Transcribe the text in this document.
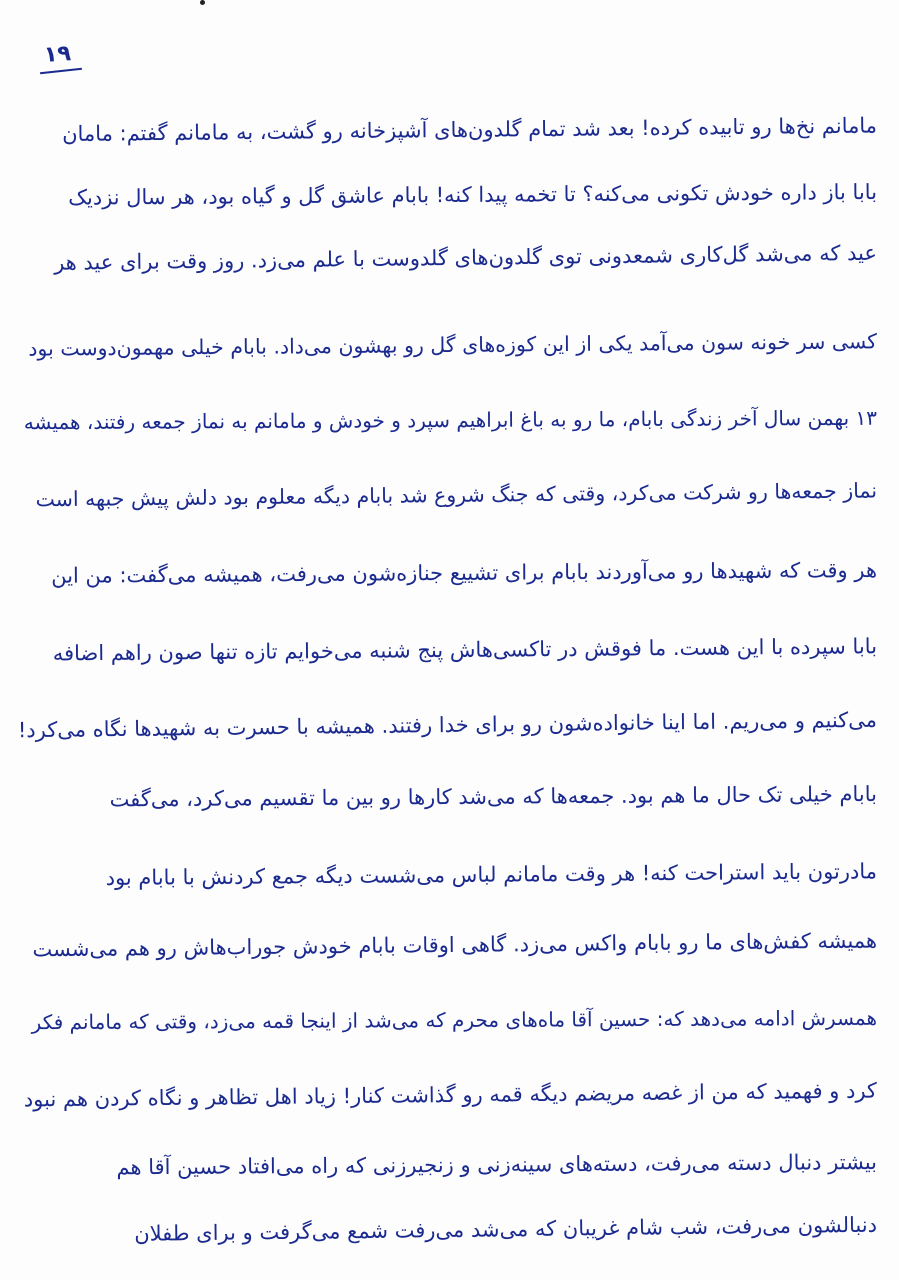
۱۹
مامانم نخ‌ها رو تابیده کرده! بعد شد تمام گلدون‌های آشپزخانه رو گشت، به مامانم گفتم: مامان
بابا باز داره خودش تکونی می‌کنه؟ تا تخمه پیدا کنه! بابام عاشق گل و گیاه بود، هر سال نزدیک
عید که می‌شد گل‌کاری شمعدونی توی گلدون‌های گلدوست با علم می‌زد. روز وقت برای عید هر
کسی سر خونه سون می‌آمد یکی از این کوزه‌های گل رو بهشون می‌داد. بابام خیلی مهمون‌دوست بود
۱۳ بهمن سال آخر زندگی بابام، ما رو به باغ ابراهیم سپرد و خودش و مامانم به نماز جمعه رفتند، همیشه
نماز جمعه‌ها رو شرکت می‌کرد، وقتی که جنگ شروع شد بابام دیگه معلوم بود دلش پیش جبهه است
هر وقت که شهیدها رو می‌آوردند بابام برای تشییع جنازه‌شون می‌رفت، همیشه می‌گفت: من این
بابا سپرده با این هست. ما فوقش در تاکسی‌هاش پنج شنبه می‌خوایم تازه تنها صون راهم اضافه
می‌کنیم و می‌ریم. اما اینا خانواده‌شون رو برای خدا رفتند. همیشه با حسرت به شهیدها نگاه می‌کرد!
بابام خیلی تک حال ما هم بود. جمعه‌ها که می‌شد کارها رو بین ما تقسیم می‌کرد، می‌گفت
مادرتون باید استراحت کنه! هر وقت مامانم لباس می‌شست دیگه جمع کردنش با بابام بود
همیشه کفش‌های ما رو بابام واکس می‌زد. گاهی اوقات بابام خودش جوراب‌هاش رو هم می‌شست
همسرش ادامه می‌دهد که: حسین آقا ماه‌های محرم که می‌شد از اینجا قمه می‌زد، وقتی که مامانم فکر
کرد و فهمید که من از غصه مریضم دیگه قمه رو گذاشت کنار! زیاد اهل تظاهر و نگاه کردن هم نبود
بیشتر دنبال دسته می‌رفت، دسته‌های سینه‌زنی و زنجیرزنی که راه می‌افتاد حسین آقا هم
دنبالشون می‌رفت، شب شام غریبان که می‌شد می‌رفت شمع می‌گرفت و برای طفلان
